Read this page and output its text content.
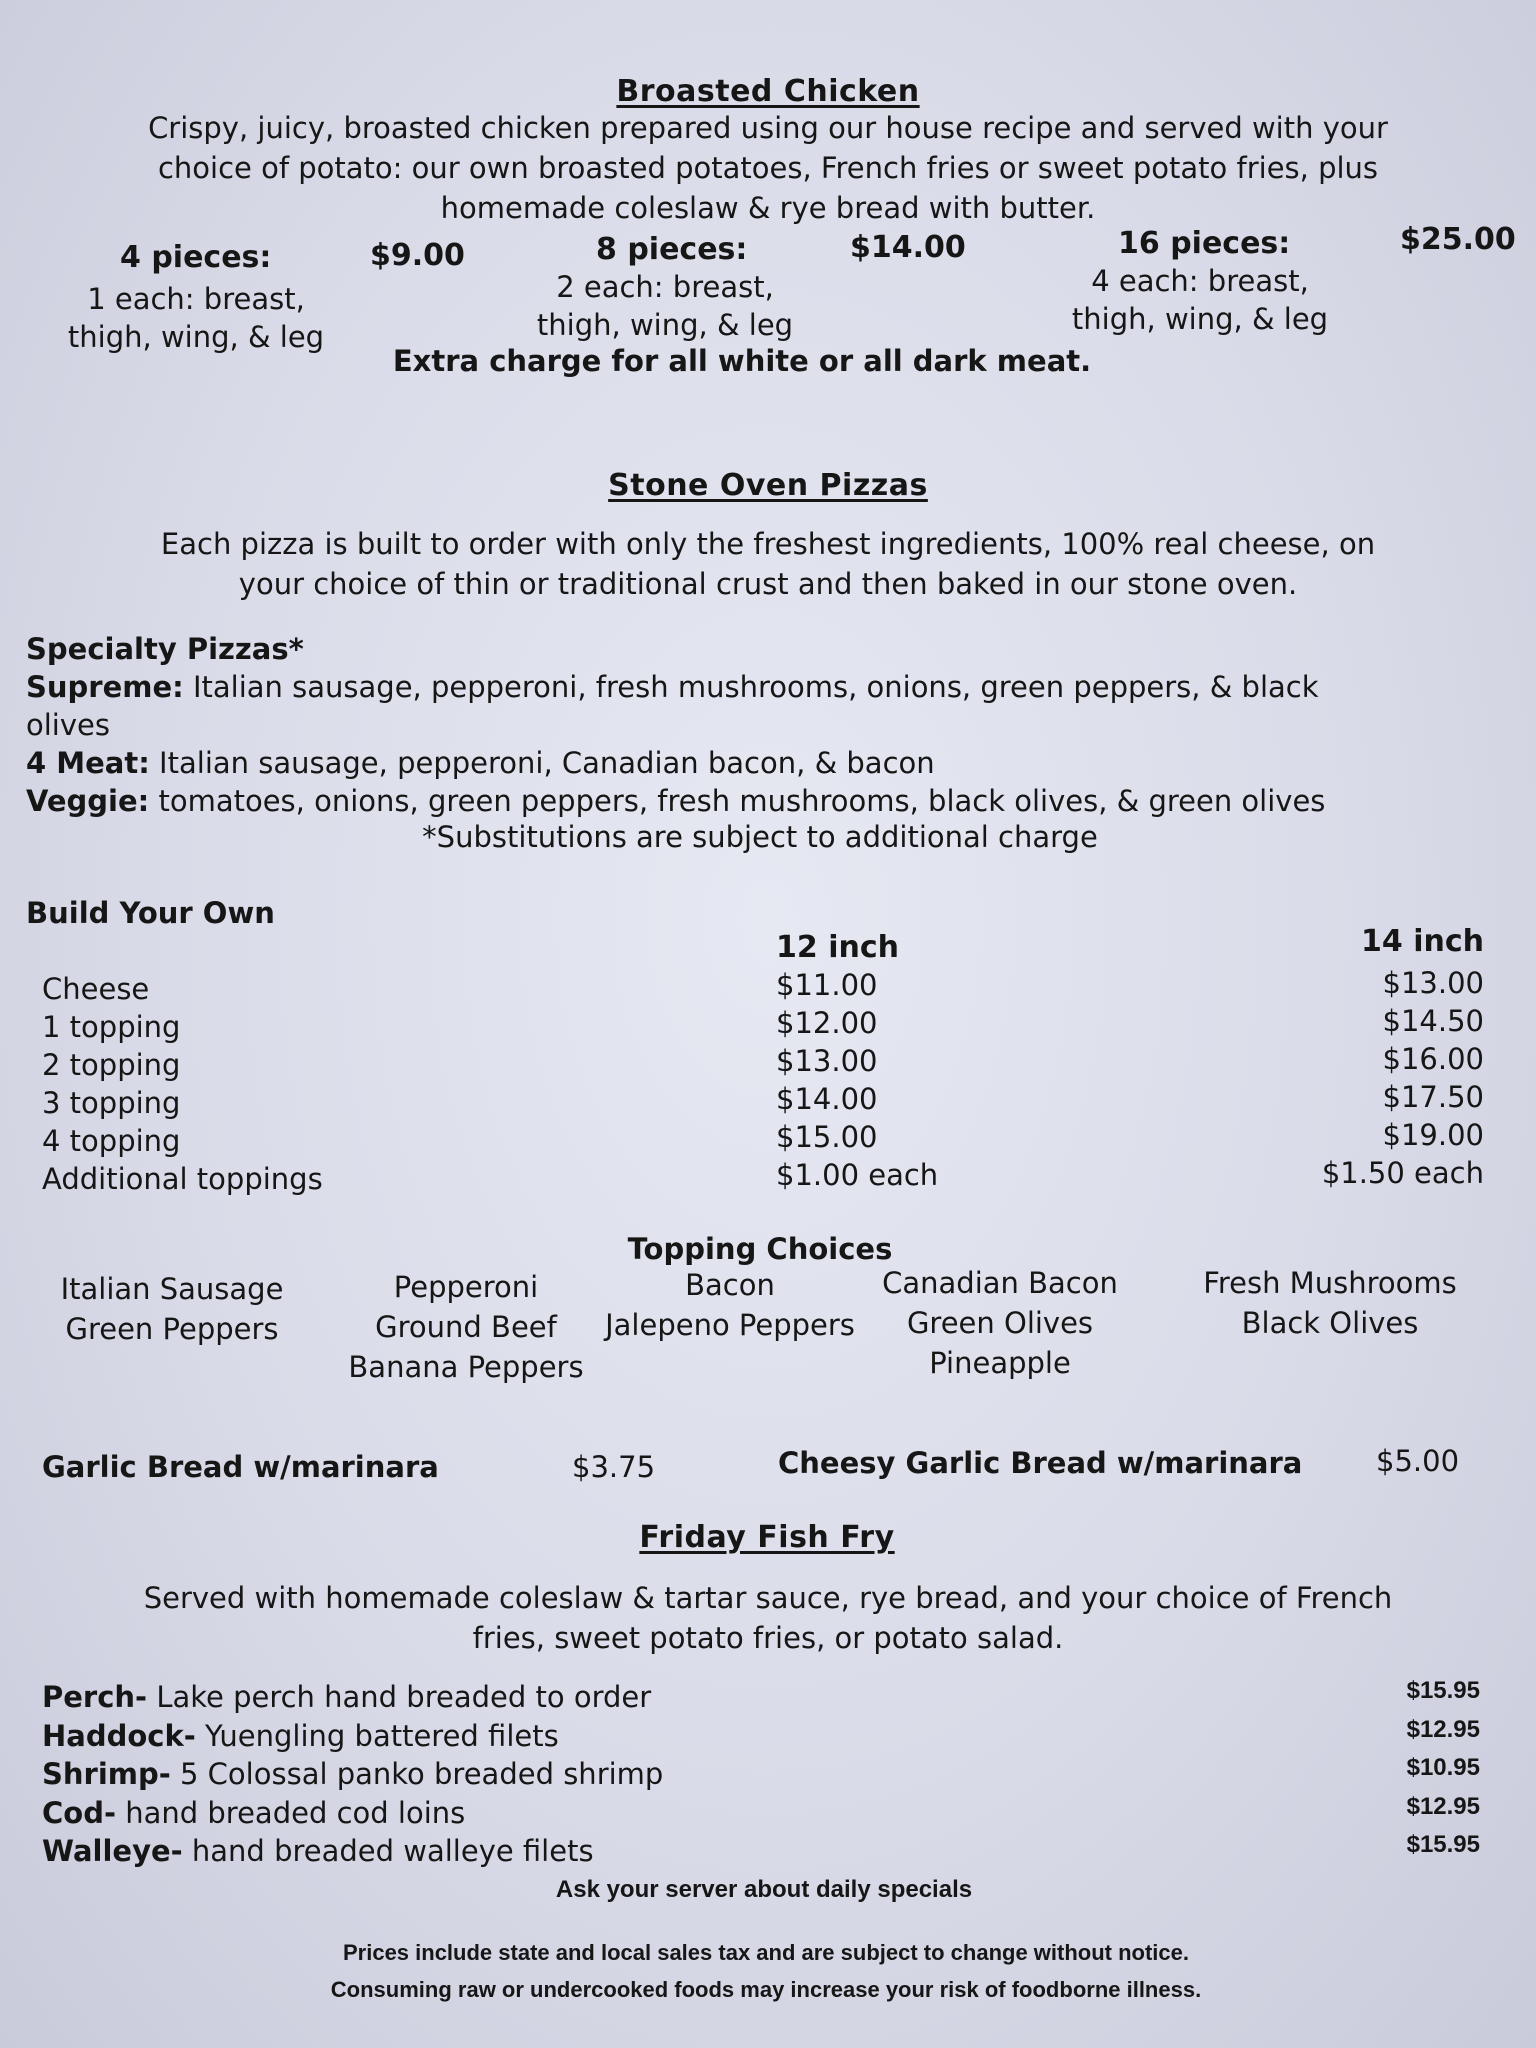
Broasted Chicken
Crispy, juicy, broasted chicken prepared using our house recipe and served with your
choice of potato: our own broasted potatoes, French fries or sweet potato fries, plus
homemade coleslaw & rye bread with butter.
4 pieces:	$9.00
1 each: breast,
thigh, wing, & leg
8 pieces:	$14.00
2 each: breast,
thigh, wing, & leg
16 pieces:	$25.00
4 each: breast,
thigh, wing, & leg
Extra charge for all white or all dark meat.
Stone Oven Pizzas
Each pizza is built to order with only the freshest ingredients, 100% real cheese, on
your choice of thin or traditional crust and then baked in our stone oven.
Specialty Pizzas*
Supreme: Italian sausage, pepperoni, fresh mushrooms, onions, green peppers, & black
olives
4 Meat: Italian sausage, pepperoni, Canadian bacon, & bacon
Veggie: tomatoes, onions, green peppers, fresh mushrooms, black olives, & green olives
*Substitutions are subject to additional charge
Build Your Own
12 inch	14 inch
Cheese	$11.00	$13.00
1 topping	$12.00	$14.50
2 topping	$13.00	$16.00
3 topping	$14.00	$17.50
4 topping	$15.00	$19.00
Additional toppings	$1.00 each	$1.50 each
Topping Choices
Italian Sausage
Green Peppers
Pepperoni
Ground Beef
Banana Peppers
Bacon
Jalepeno Peppers
Canadian Bacon
Green Olives
Pineapple
Fresh Mushrooms
Black Olives
Garlic Bread w/marinara	$3.75	Cheesy Garlic Bread w/marinara	$5.00
Friday Fish Fry
Served with homemade coleslaw & tartar sauce, rye bread, and your choice of French
fries, sweet potato fries, or potato salad.
Perch- Lake perch hand breaded to order	$15.95
Haddock- Yuengling battered filets	$12.95
Shrimp- 5 Colossal panko breaded shrimp	$10.95
Cod- hand breaded cod loins	$12.95
Walleye- hand breaded walleye filets	$15.95
Ask your server about daily specials
Prices include state and local sales tax and are subject to change without notice.
Consuming raw or undercooked foods may increase your risk of foodborne illness.
